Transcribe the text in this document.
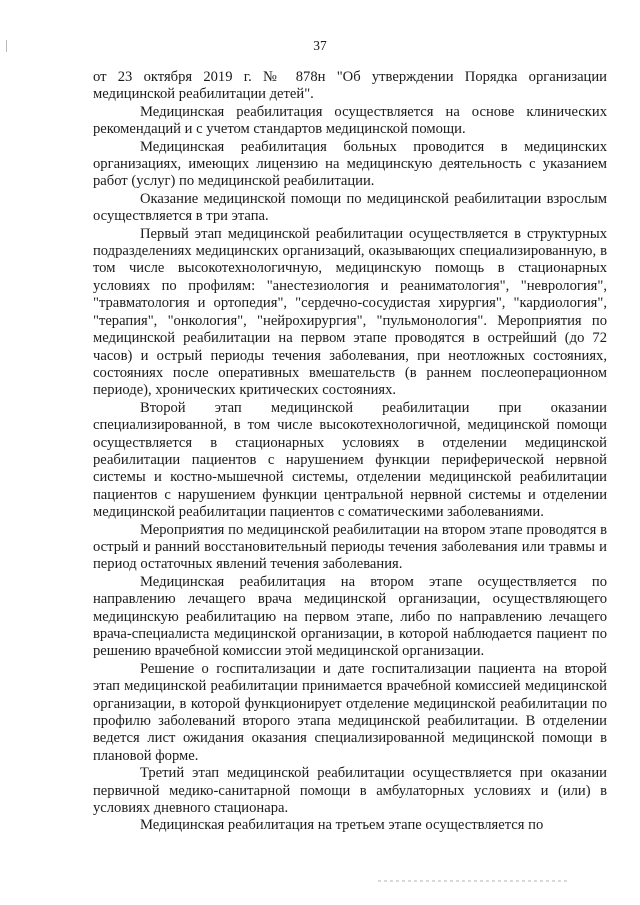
37

от 23 октября 2019 г. № 878н "Об утверждении Порядка организации медицинской реабилитации детей".

Медицинская реабилитация осуществляется на основе клинических рекомендаций и с учетом стандартов медицинской помощи.

Медицинская реабилитация больных проводится в медицинских организациях, имеющих лицензию на медицинскую деятельность с указанием работ (услуг) по медицинской реабилитации.

Оказание медицинской помощи по медицинской реабилитации взрослым осуществляется в три этапа.

Первый этап медицинской реабилитации осуществляется в структурных подразделениях медицинских организаций, оказывающих специализированную, в том числе высокотехнологичную, медицинскую помощь в стационарных условиях по профилям: "анестезиология и реаниматология", "неврология", "травматология и ортопедия", "сердечно-сосудистая хирургия", "кардиология", "терапия", "онкология", "нейрохирургия", "пульмонология". Мероприятия по медицинской реабилитации на первом этапе проводятся в острейший (до 72 часов) и острый периоды течения заболевания, при неотложных состояниях, состояниях после оперативных вмешательств (в раннем послеоперационном периоде), хронических критических состояниях.

Второй этап медицинской реабилитации при оказании специализированной, в том числе высокотехнологичной, медицинской помощи осуществляется в стационарных условиях в отделении медицинской реабилитации пациентов с нарушением функции периферической нервной системы и костно-мышечной системы, отделении медицинской реабилитации пациентов с нарушением функции центральной нервной системы и отделении медицинской реабилитации пациентов с соматическими заболеваниями.

Мероприятия по медицинской реабилитации на втором этапе проводятся в острый и ранний восстановительный периоды течения заболевания или травмы и период остаточных явлений течения заболевания.

Медицинская реабилитация на втором этапе осуществляется по направлению лечащего врача медицинской организации, осуществляющего медицинскую реабилитацию на первом этапе, либо по направлению лечащего врача-специалиста медицинской организации, в которой наблюдается пациент по решению врачебной комиссии этой медицинской организации.

Решение о госпитализации и дате госпитализации пациента на второй этап медицинской реабилитации принимается врачебной комиссией медицинской организации, в которой функционирует отделение медицинской реабилитации по профилю заболеваний второго этапа медицинской реабилитации. В отделении ведется лист ожидания оказания специализированной медицинской помощи в плановой форме.

Третий этап медицинской реабилитации осуществляется при оказании первичной медико-санитарной помощи в амбулаторных условиях и (или) в условиях дневного стационара.

Медицинская реабилитация на третьем этапе осуществляется по
